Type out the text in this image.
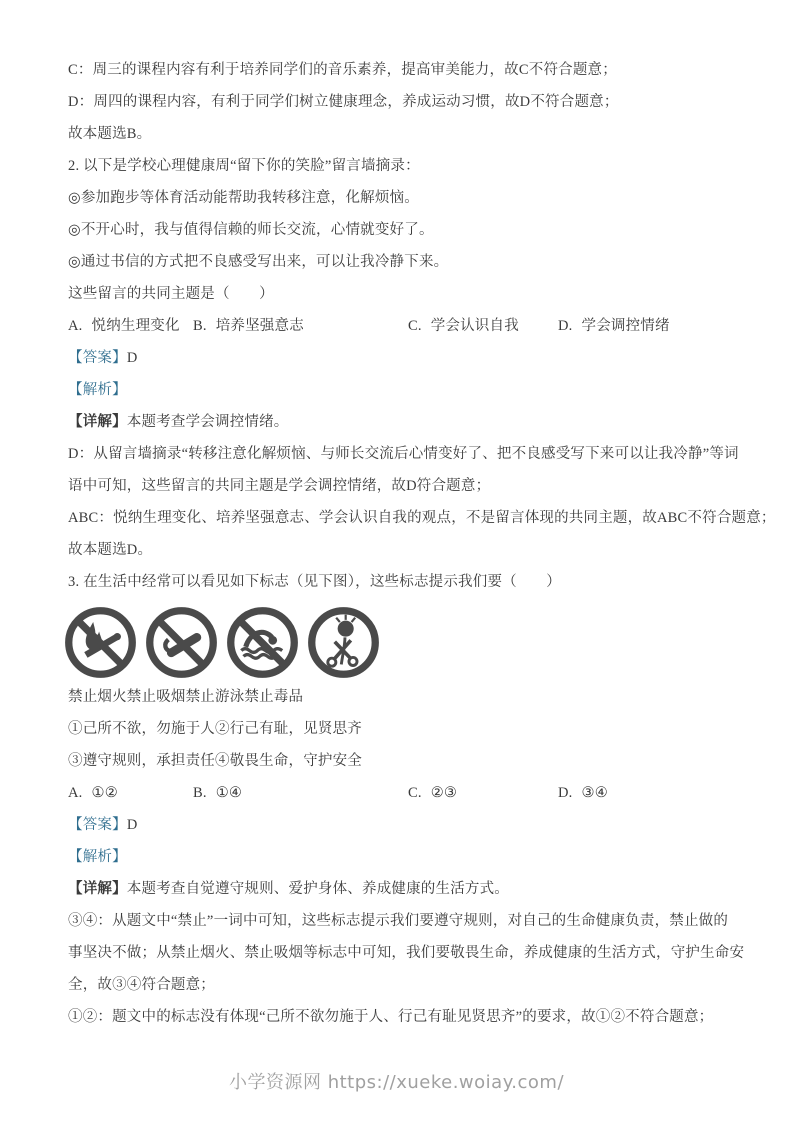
C：周三的课程内容有利于培养同学们的音乐素养，提高审美能力，故C不符合题意；

D：周四的课程内容，有利于同学们树立健康理念，养成运动习惯，故D不符合题意；

故本题选B。

2. 以下是学校心理健康周“留下你的笑脸”留言墙摘录：

◎参加跑步等体育活动能帮助我转移注意，化解烦恼。

◎不开心时，我与值得信赖的师长交流，心情就变好了。

◎通过书信的方式把不良感受写出来，可以让我冷静下来。

这些留言的共同主题是（　　）

A. 悦纳生理变化 B. 培养坚强意志	C. 学会认识自我	D. 学会调控情绪

【答案】D

【解析】

【详解】本题考查学会调控情绪。

D：从留言墙摘录“转移注意化解烦恼、与师长交流后心情变好了、把不良感受写下来可以让我冷静”等词

语中可知，这些留言的共同主题是学会调控情绪，故D符合题意；

ABC：悦纳生理变化、培养坚强意志、学会认识自我的观点，不是留言体现的共同主题，故ABC不符合题意；

故本题选D。

3. 在生活中经常可以看见如下标志（见下图），这些标志提示我们要（　　）

禁止烟火禁止吸烟禁止游泳禁止毒品

①己所不欲，勿施于人②行己有耻，见贤思齐

③遵守规则，承担责任④敬畏生命，守护安全

A. ①②	B. ①④	C. ②③	D. ③④

【答案】D

【解析】

【详解】本题考查自觉遵守规则、爱护身体、养成健康的生活方式。

③④：从题文中“禁止”一词中可知，这些标志提示我们要遵守规则，对自己的生命健康负责，禁止做的

事坚决不做；从禁止烟火、禁止吸烟等标志中可知，我们要敬畏生命，养成健康的生活方式，守护生命安

全，故③④符合题意；

①②：题文中的标志没有体现“己所不欲勿施于人、行己有耻见贤思齐”的要求，故①②不符合题意；

小学资源网 https://xueke.woiay.com/
